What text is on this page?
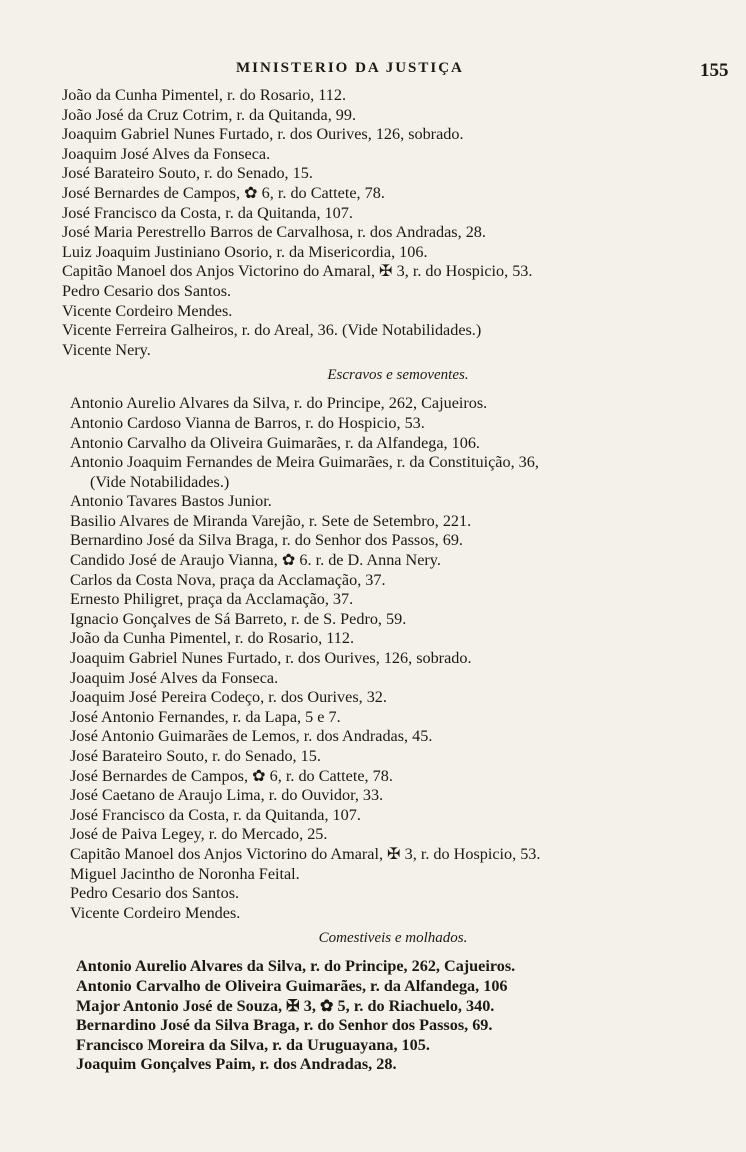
MINISTERIO DA JUSTIÇA	155
João da Cunha Pimentel, r. do Rosario, 112.
João José da Cruz Cotrim, r. da Quitanda, 99.
Joaquim Gabriel Nunes Furtado, r. dos Ourives, 126, sobrado.
Joaquim José Alves da Fonseca.
José Barateiro Souto, r. do Senado, 15.
José Bernardes de Campos, ✿ 6, r. do Cattete, 78.
José Francisco da Costa, r. da Quitanda, 107.
José Maria Perestrello Barros de Carvalhosa, r. dos Andradas, 28.
Luiz Joaquim Justiniano Osorio, r. da Misericordia, 106.
Capitão Manoel dos Anjos Victorino do Amaral, ✠ 3, r. do Hospicio, 53.
Pedro Cesario dos Santos.
Vicente Cordeiro Mendes.
Vicente Ferreira Galheiros, r. do Areal, 36. (Vide Notabilidades.)
Vicente Nery.
Escravos e semoventes.
Antonio Aurelio Alvares da Silva, r. do Principe, 262, Cajueiros.
Antonio Cardoso Vianna de Barros, r. do Hospicio, 53.
Antonio Carvalho da Oliveira Guimarães, r. da Alfandega, 106.
Antonio Joaquim Fernandes de Meira Guimarães, r. da Constituição, 36,
(Vide Notabilidades.)
Antonio Tavares Bastos Junior.
Basilio Alvares de Miranda Varejão, r. Sete de Setembro, 221.
Bernardino José da Silva Braga, r. do Senhor dos Passos, 69.
Candido José de Araujo Vianna, ✿ 6. r. de D. Anna Nery.
Carlos da Costa Nova, praça da Acclamação, 37.
Ernesto Philigret, praça da Acclamação, 37.
Ignacio Gonçalves de Sá Barreto, r. de S. Pedro, 59.
João da Cunha Pimentel, r. do Rosario, 112.
Joaquim Gabriel Nunes Furtado, r. dos Ourives, 126, sobrado.
Joaquim José Alves da Fonseca.
Joaquim José Pereira Codeço, r. dos Ourives, 32.
José Antonio Fernandes, r. da Lapa, 5 e 7.
José Antonio Guimarães de Lemos, r. dos Andradas, 45.
José Barateiro Souto, r. do Senado, 15.
José Bernardes de Campos, ✿ 6, r. do Cattete, 78.
José Caetano de Araujo Lima, r. do Ouvidor, 33.
José Francisco da Costa, r. da Quitanda, 107.
José de Paiva Legey, r. do Mercado, 25.
Capitão Manoel dos Anjos Victorino do Amaral, ✠ 3, r. do Hospicio, 53.
Miguel Jacintho de Noronha Feital.
Pedro Cesario dos Santos.
Vicente Cordeiro Mendes.
Comestiveis e molhados.
Antonio Aurelio Alvares da Silva, r. do Principe, 262, Cajueiros.
Antonio Carvalho de Oliveira Guimarães, r. da Alfandega, 106
Major Antonio José de Souza, ✠ 3, ✿ 5, r. do Riachuelo, 340.
Bernardino José da Silva Braga, r. do Senhor dos Passos, 69.
Francisco Moreira da Silva, r. da Uruguayana, 105.
Joaquim Gonçalves Paim, r. dos Andradas, 28.
